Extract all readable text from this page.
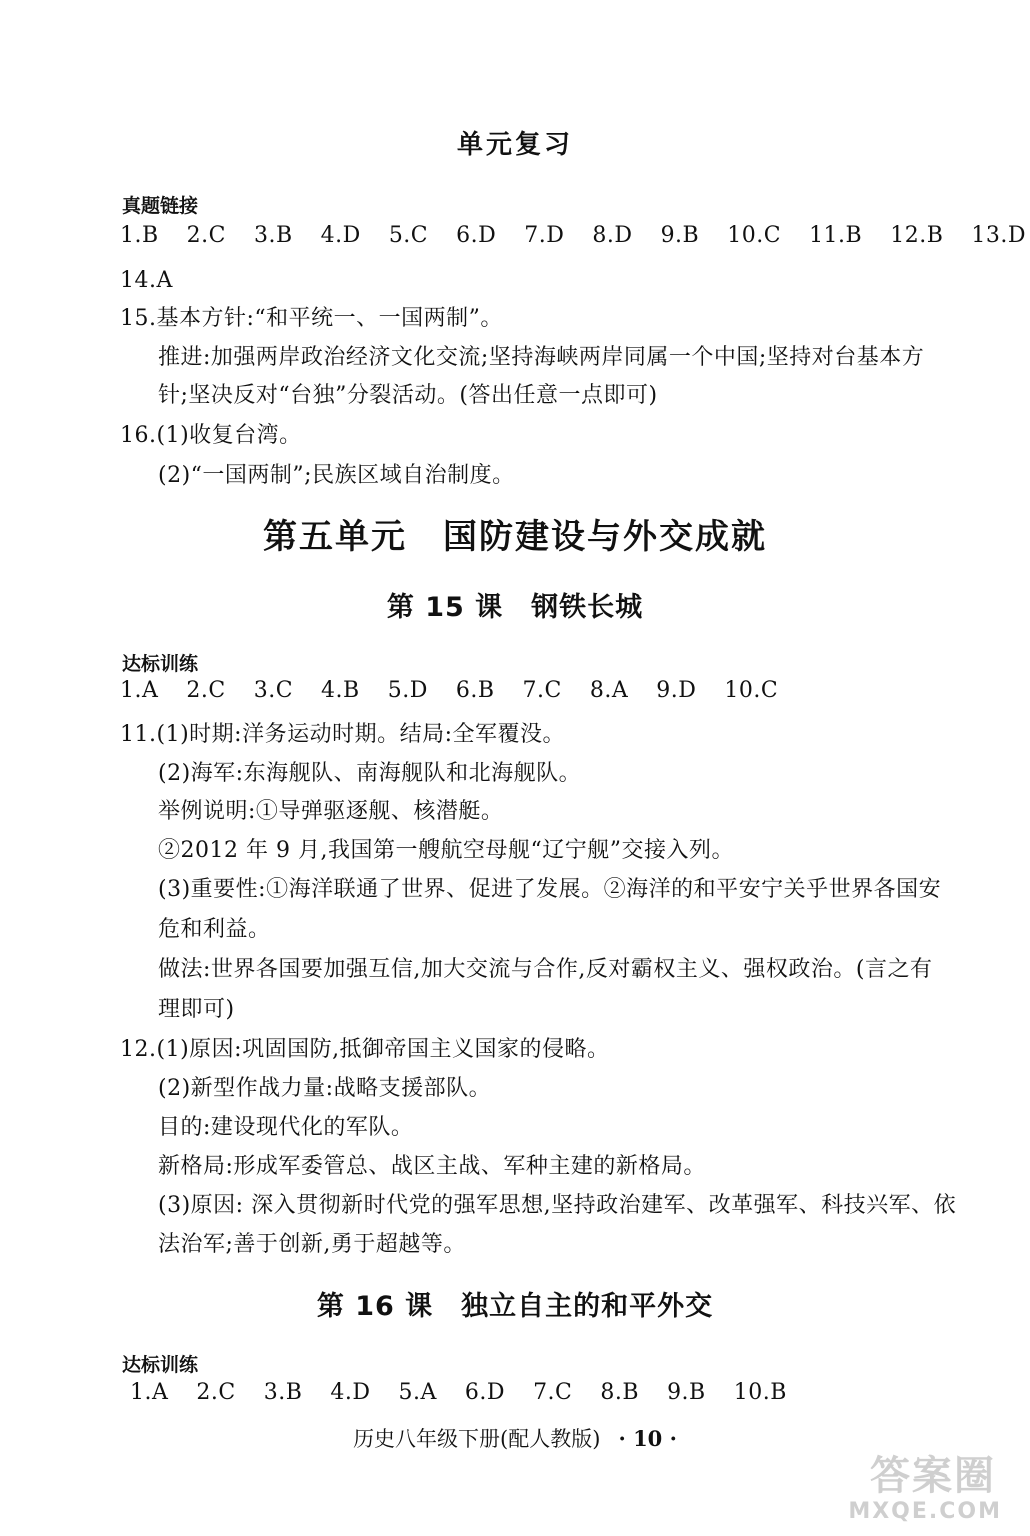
单元复习
真题链接
1.B 2.C 3.B 4.D 5.C 6.D 7.D 8.D 9.B 10.C 11.B 12.B 13.D
14.A
15.基本方针:“和平统一、一国两制”。
推进:加强两岸政治经济文化交流;坚持海峡两岸同属一个中国;坚持对台基本方
针;坚决反对“台独”分裂活动。(答出任意一点即可)
16.(1)收复台湾。
(2)“一国两制”;民族区域自治制度。
第五单元　国防建设与外交成就
第 15 课　钢铁长城
达标训练
1.A 2.C 3.C 4.B 5.D 6.B 7.C 8.A 9.D 10.C
11.(1)时期:洋务运动时期。结局:全军覆没。
(2)海军:东海舰队、南海舰队和北海舰队。
举例说明:①导弹驱逐舰、核潜艇。
②2012 年 9 月,我国第一艘航空母舰“辽宁舰”交接入列。
(3)重要性:①海洋联通了世界、促进了发展。②海洋的和平安宁关乎世界各国安
危和利益。
做法:世界各国要加强互信,加大交流与合作,反对霸权主义、强权政治。(言之有
理即可)
12.(1)原因:巩固国防,抵御帝国主义国家的侵略。
(2)新型作战力量:战略支援部队。
目的:建设现代化的军队。
新格局:形成军委管总、战区主战、军种主建的新格局。
(3)原因: 深入贯彻新时代党的强军思想,坚持政治建军、改革强军、科技兴军、依
法治军;善于创新,勇于超越等。
第 16 课　独立自主的和平外交
达标训练
1.A 2.C 3.B 4.D 5.A 6.D 7.C 8.B 9.B 10.B
历史八年级下册(配人教版) · 10 ·
答案圈
MXQE.COM
